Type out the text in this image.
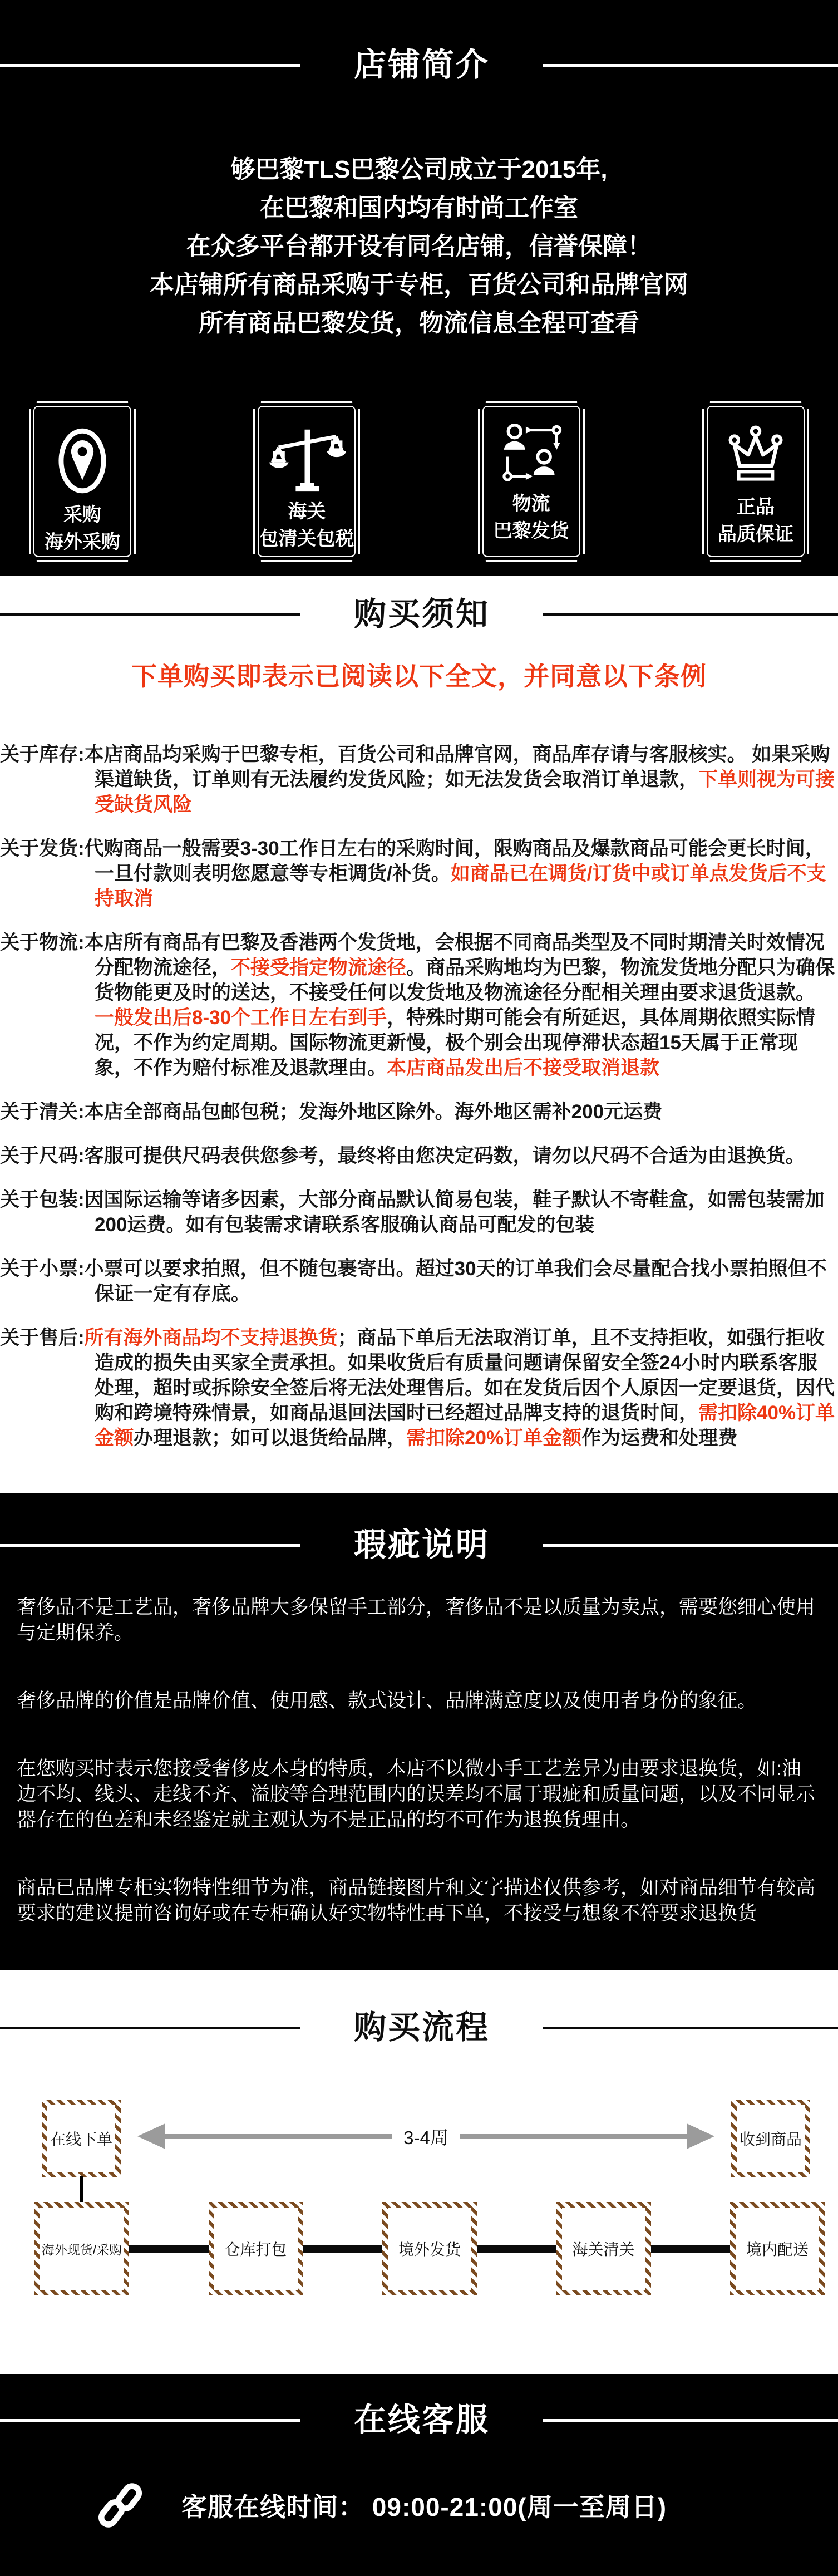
店铺简介
够巴黎TLS巴黎公司成立于2015年,
在巴黎和国内均有时尚工作室
在众多平台都开设有同名店铺，信誉保障！
本店铺所有商品采购于专柜，百货公司和品牌官网
所有商品巴黎发货，物流信息全程可查看
采购
海外采购
海关
包清关包税
物流
巴黎发货
正品
品质保证
购买须知
下单购买即表示已阅读以下全文，并同意以下条例

关于库存:本店商品均采购于巴黎专柜，百货公司和品牌官网，商品库存请与客服核实。 如果采购渠道缺货，订单则有无法履约发货风险；如无法发货会取消订单退款，下单则视为可接受缺货风险

关于发货:代购商品一般需要3-30工作日左右的采购时间，限购商品及爆款商品可能会更长时间，一旦付款则表明您愿意等专柜调货/补货。如商品已在调货/订货中或订单点发货后不支持取消

关于物流:本店所有商品有巴黎及香港两个发货地，会根据不同商品类型及不同时期清关时效情况分配物流途径，不接受指定物流途径。商品采购地均为巴黎，物流发货地分配只为确保货物能更及时的送达，不接受任何以发货地及物流途径分配相关理由要求退货退款。
一般发出后8-30个工作日左右到手，特殊时期可能会有所延迟，具体周期依照实际情况，不作为约定周期。国际物流更新慢，极个别会出现停滞状态超15天属于正常现象，不作为赔付标准及退款理由。本店商品发出后不接受取消退款

关于清关:本店全部商品包邮包税；发海外地区除外。海外地区需补200元运费

关于尺码:客服可提供尺码表供您参考，最终将由您决定码数，请勿以尺码不合适为由退换货。

关于包装:因国际运输等诸多因素，大部分商品默认简易包装，鞋子默认不寄鞋盒，如需包装需加200运费。如有包装需求请联系客服确认商品可配发的包装

关于小票:小票可以要求拍照，但不随包裹寄出。超过30天的订单我们会尽量配合找小票拍照但不保证一定有存底。

关于售后:所有海外商品均不支持退换货；商品下单后无法取消订单，且不支持拒收，如强行拒收造成的损失由买家全责承担。如果收货后有质量问题请保留安全签24小时内联系客服处理，超时或拆除安全签后将无法处理售后。如在发货后因个人原因一定要退货，因代购和跨境特殊情景，如商品退回法国时已经超过品牌支持的退货时间，需扣除40%订单金额办理退款；如可以退货给品牌，需扣除20%订单金额作为运费和处理费

瑕疵说明

奢侈品不是工艺品，奢侈品牌大多保留手工部分，奢侈品不是以质量为卖点，需要您细心使用与定期保养。

奢侈品牌的价值是品牌价值、使用感、款式设计、品牌满意度以及使用者身份的象征。

在您购买时表示您接受奢侈皮本身的特质，本店不以微小手工艺差异为由要求退换货，如:油边不均、线头、走线不齐、溢胶等合理范围内的误差均不属于瑕疵和质量问题，以及不同显示器存在的色差和未经鉴定就主观认为不是正品的均不可作为退换货理由。

商品已品牌专柜实物特性细节为准，商品链接图片和文字描述仅供参考，如对商品细节有较高要求的建议提前咨询好或在专柜确认好实物特性再下单，不接受与想象不符要求退换货

购买流程
在线下单	收到商品
3-4周
海外现货/采购	仓库打包	境外发货	海关清关	境内配送
在线客服
客服在线时间： 09:00-21:00(周一至周日)
